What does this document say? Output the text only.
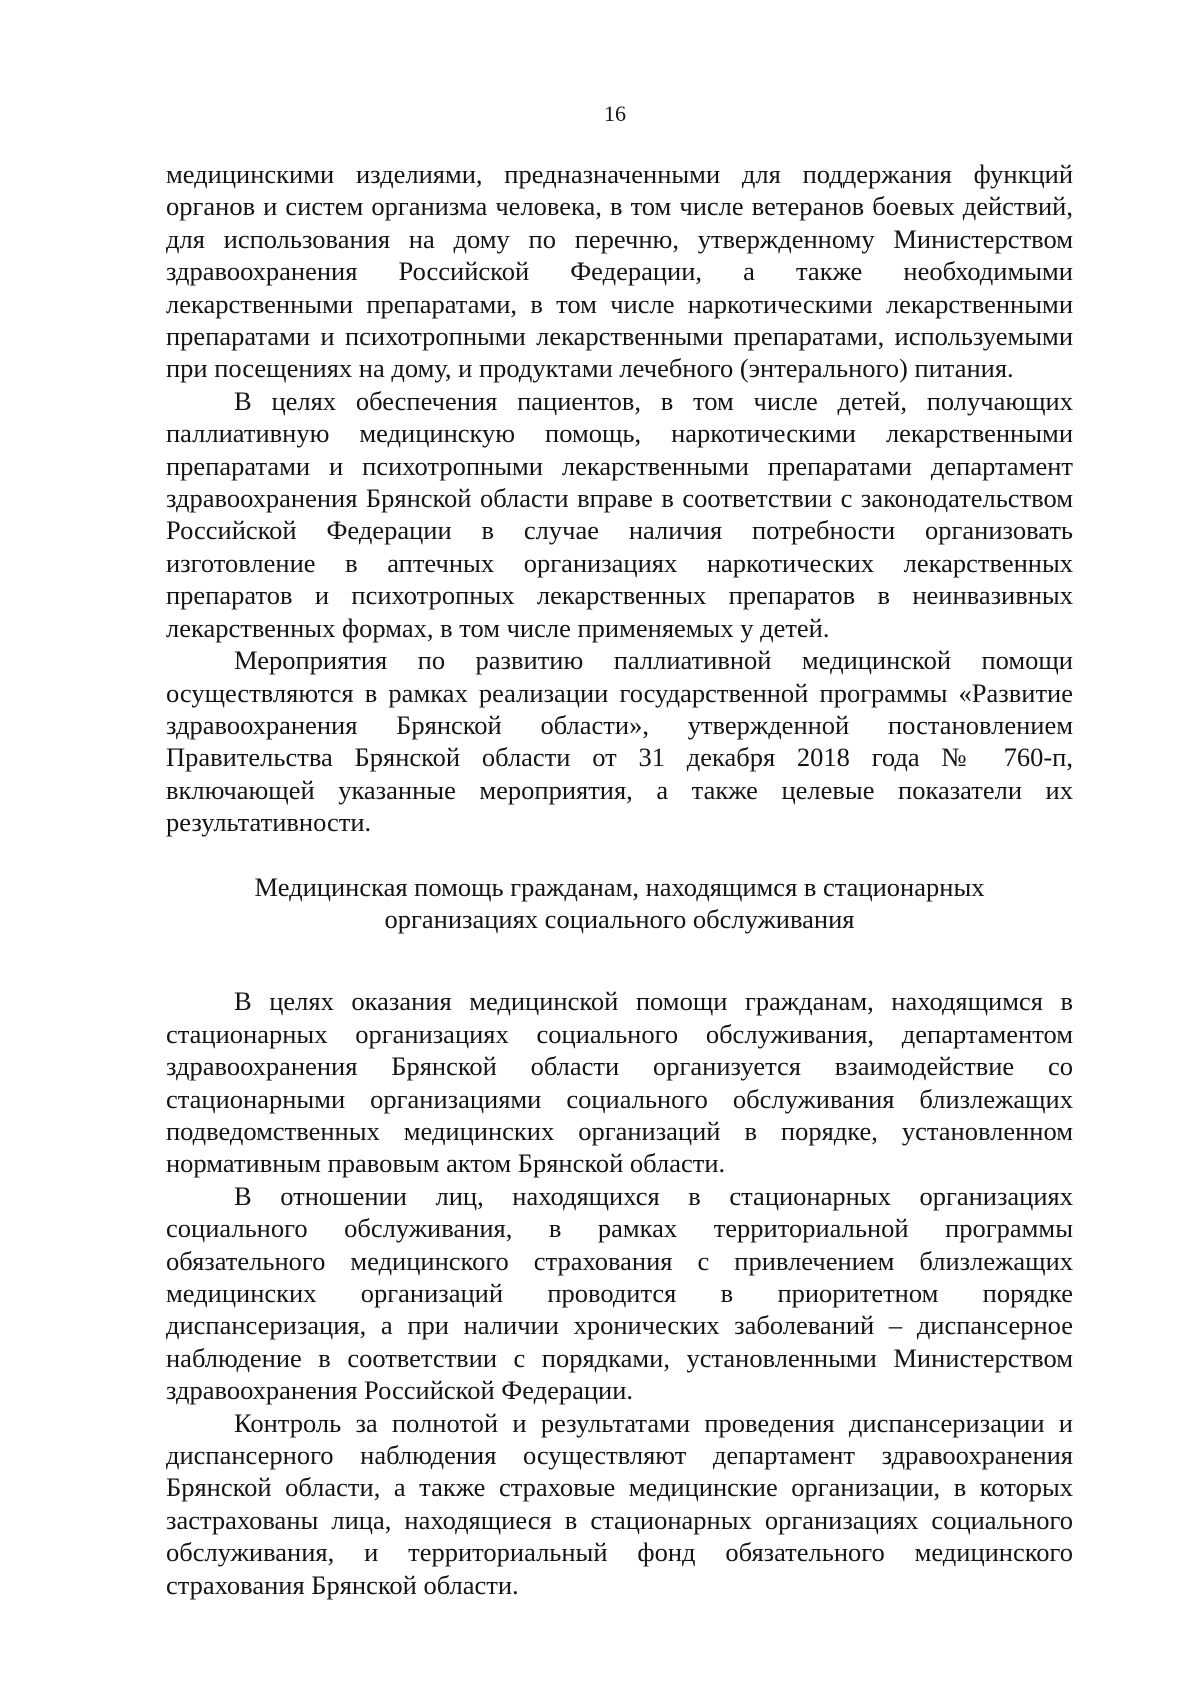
16

медицинскими изделиями, предназначенными для поддержания функций органов и систем организма человека, в том числе ветеранов боевых действий, для использования на дому по перечню, утвержденному Министерством здравоохранения Российской Федерации, а также необходимыми лекарственными препаратами, в том числе наркотическими лекарственными препаратами и психотропными лекарственными препаратами, используемыми при посещениях на дому, и продуктами лечебного (энтерального) питания.

В целях обеспечения пациентов, в том числе детей, получающих паллиативную медицинскую помощь, наркотическими лекарственными препаратами и психотропными лекарственными препаратами департамент здравоохранения Брянской области вправе в соответствии с законодательством Российской Федерации в случае наличия потребности организовать изготовление в аптечных организациях наркотических лекарственных препаратов и психотропных лекарственных препаратов в неинвазивных лекарственных формах, в том числе применяемых у детей.

Мероприятия по развитию паллиативной медицинской помощи осуществляются в рамках реализации государственной программы «Развитие здравоохранения Брянской области», утвержденной постановлением Правительства Брянской области от 31 декабря 2018 года № 760-п, включающей указанные мероприятия, а также целевые показатели их результативности.

Медицинская помощь гражданам, находящимся в стационарных

организациях социального обслуживания

В целях оказания медицинской помощи гражданам, находящимся в стационарных организациях социального обслуживания, департаментом здравоохранения Брянской области организуется взаимодействие со стационарными организациями социального обслуживания близлежащих подведомственных медицинских организаций в порядке, установленном нормативным правовым актом Брянской области.

В отношении лиц, находящихся в стационарных организациях социального обслуживания, в рамках территориальной программы обязательного медицинского страхования с привлечением близлежащих медицинских организаций проводится в приоритетном порядке диспансеризация, а при наличии хронических заболеваний – диспансерное наблюдение в соответствии с порядками, установленными Министерством здравоохранения Российской Федерации.

Контроль за полнотой и результатами проведения диспансеризации и диспансерного наблюдения осуществляют департамент здравоохранения Брянской области, а также страховые медицинские организации, в которых застрахованы лица, находящиеся в стационарных организациях социального обслуживания, и территориальный фонд обязательного медицинского страхования Брянской области.
